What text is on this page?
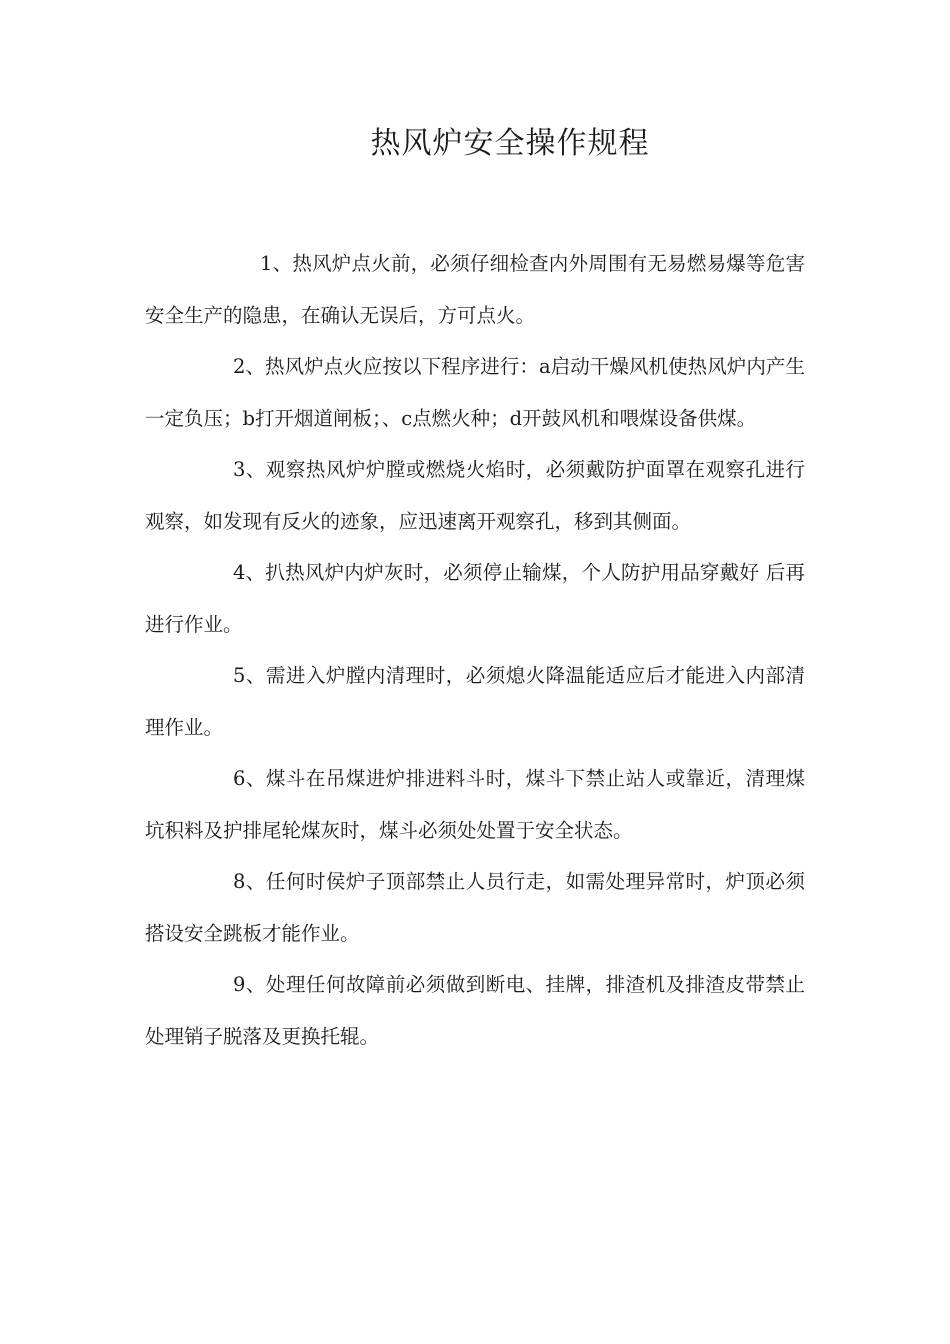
热风炉安全操作规程

1、热风炉点火前，必须仔细检查内外周围有无易燃易爆等危害安全生产的隐患，在确认无误后，方可点火。

2、热风炉点火应按以下程序进行：a启动干燥风机使热风炉内产生一定负压；b打开烟道闸板；、c点燃火种；d开鼓风机和喂煤设备供煤。

3、观察热风炉炉膛或燃烧火焰时，必须戴防护面罩在观察孔进行观察，如发现有反火的迹象，应迅速离开观察孔，移到其侧面。

4、扒热风炉内炉灰时，必须停止输煤，个人防护用品穿戴好 后再进行作业。

5、需进入炉膛内清理时，必须熄火降温能适应后才能进入内部清理作业。

6、煤斗在吊煤进炉排进料斗时，煤斗下禁止站人或靠近，清理煤坑积料及护排尾轮煤灰时，煤斗必须处处置于安全状态。

8、任何时侯炉子顶部禁止人员行走，如需处理异常时，炉顶必须搭设安全跳板才能作业。

9、处理任何故障前必须做到断电、挂牌，排渣机及排渣皮带禁止处理销子脱落及更换托辊。
